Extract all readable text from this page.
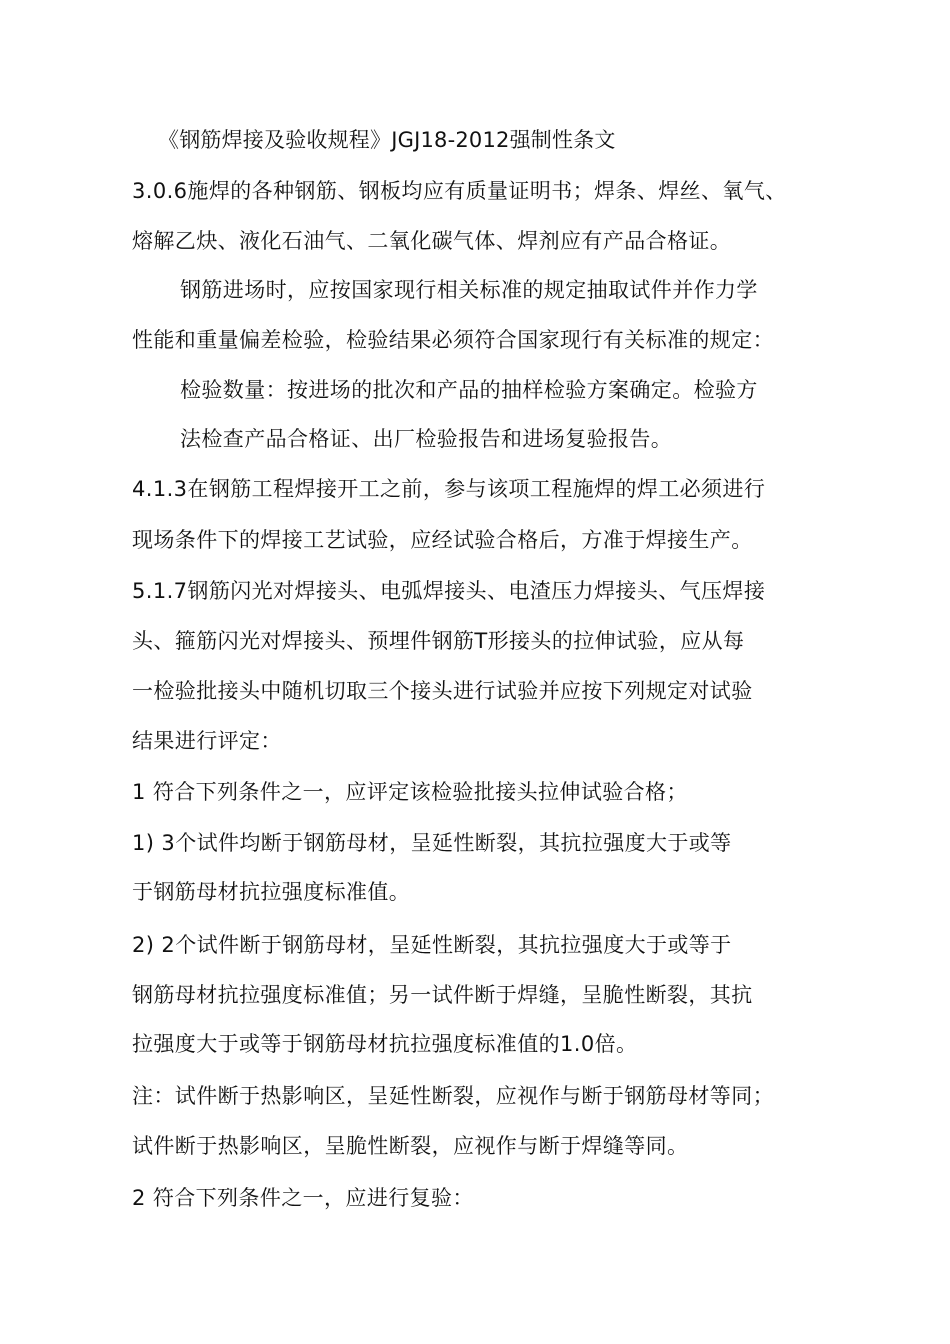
《钢筋焊接及验收规程》JGJ18-2012强制性条文
3.0.6施焊的各种钢筋、钢板均应有质量证明书；焊条、焊丝、氧气、
熔解乙炔、液化石油气、二氧化碳气体、焊剂应有产品合格证。
钢筋进场时，应按国家现行相关标准的规定抽取试件并作力学
性能和重量偏差检验，检验结果必须符合国家现行有关标准的规定：
检验数量：按进场的批次和产品的抽样检验方案确定。检验方
法检查产品合格证、出厂检验报告和进场复验报告。
4.1.3在钢筋工程焊接开工之前，参与该项工程施焊的焊工必须进行
现场条件下的焊接工艺试验，应经试验合格后，方准于焊接生产。
5.1.7钢筋闪光对焊接头、电弧焊接头、电渣压力焊接头、气压焊接
头、箍筋闪光对焊接头、预埋件钢筋T形接头的拉伸试验，应从每
一检验批接头中随机切取三个接头进行试验并应按下列规定对试验
结果进行评定：
1 符合下列条件之一，应评定该检验批接头拉伸试验合格；
1) 3个试件均断于钢筋母材，呈延性断裂，其抗拉强度大于或等
于钢筋母材抗拉强度标准值。
2) 2个试件断于钢筋母材，呈延性断裂，其抗拉强度大于或等于
钢筋母材抗拉强度标准值；另一试件断于焊缝，呈脆性断裂，其抗
拉强度大于或等于钢筋母材抗拉强度标准值的1.0倍。
注：试件断于热影响区，呈延性断裂，应视作与断于钢筋母材等同；
试件断于热影响区，呈脆性断裂，应视作与断于焊缝等同。
2 符合下列条件之一，应进行复验：
